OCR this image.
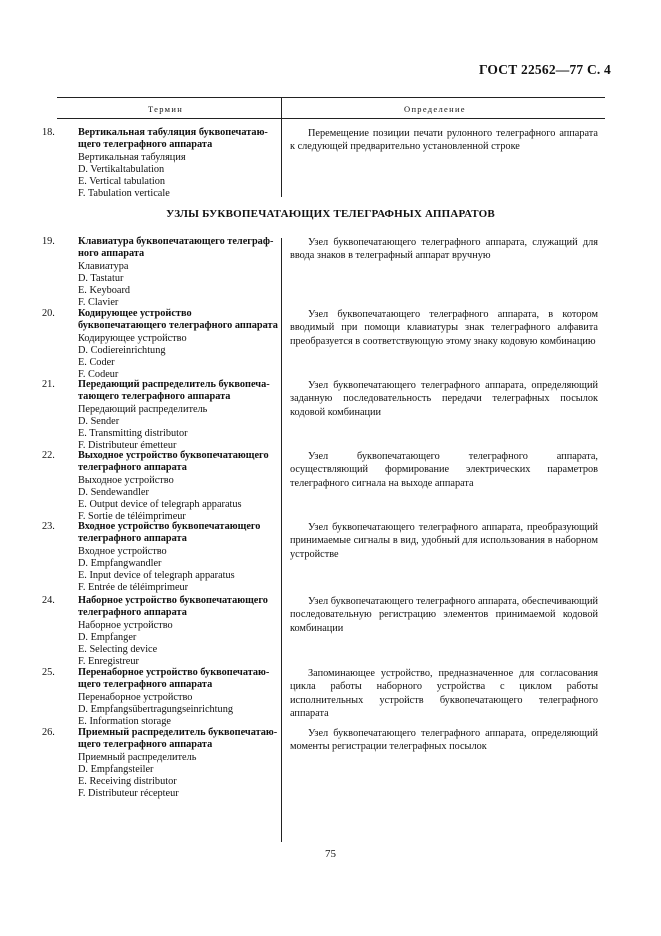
ГОСТ 22562—77 С. 4
Термин	Определение
18. Вертикальная табуляция буквопечатаю-щего телеграфного аппарата
Вертикальная табуляция
D. Vertikaltabulation
E. Vertical tabulation
F. Tabulation verticale
Перемещение позиции печати рулонного телеграфного аппарата к следующей предварительно установленной строке
УЗЛЫ БУКВОПЕЧАТАЮЩИХ ТЕЛЕГРАФНЫХ АППАРАТОВ
19. Клавиатура буквопечатающего телеграф-ного аппарата
Клавиатура
D. Tastatur
E. Keyboard
F. Clavier
Узел буквопечатающего телеграфного аппарата, служащий для ввода знаков в телеграфный аппарат вручную
20. Кодирующее устройство буквопечатающего телеграфного аппарата
Кодирующее устройство
D. Codiereinrichtung
E. Coder
F. Codeur
Узел буквопечатающего телеграфного аппарата, в котором вводимый при помощи клавиатуры знак телеграфного алфавита преобразуется в соответствующую этому знаку кодовую комбинацию
21. Передающий распределитель буквопеча-тающего телеграфного аппарата
Передающий распределитель
D. Sender
E. Transmitting distributor
F. Distributeur émetteur
Узел буквопечатающего телеграфного аппарата, определяющий заданную последовательность передачи телеграфных посылок кодовой комбинации
22. Выходное устройство буквопечатающего телеграфного аппарата
Выходное устройство
D. Sendewandler
E. Output device of telegraph apparatus
F. Sortie de téléimprimeur
Узел буквопечатающего телеграфного аппарата, осуществляющий формирование электрических параметров телеграфного сигнала на выходе аппарата
23. Входное устройство буквопечатающего телеграфного аппарата
Входное устройство
D. Empfangwandler
E. Input device of telegraph apparatus
F. Entrée de téléimprimeur
Узел буквопечатающего телеграфного аппарата, преобразующий принимаемые сигналы в вид, удобный для использования в наборном устройстве
24. Наборное устройство буквопечатающего телеграфного аппарата
Наборное устройство
D. Empfanger
E. Selecting device
F. Enregistreur
Узел буквопечатающего телеграфного аппарата, обеспечивающий последовательную регистрацию элементов принимаемой кодовой комбинации
25. Перенаборное устройство буквопечатаю-щего телеграфного аппарата
Перенаборное устройство
D. Empfangsübertragungseinrichtung
E. Information storage
Запоминающее устройство, предназначенное для согласования цикла работы наборного устройства с циклом работы исполнительных устройств буквопечатающего телеграфного аппарата
26. Приемный распределитель буквопечатаю-щего телеграфного аппарата
Приемный распределитель
D. Empfangsteiler
E. Receiving distributor
F. Distributeur récepteur
Узел буквопечатающего телеграфного аппарата, определяющий моменты регистрации телеграфных посылок
75
